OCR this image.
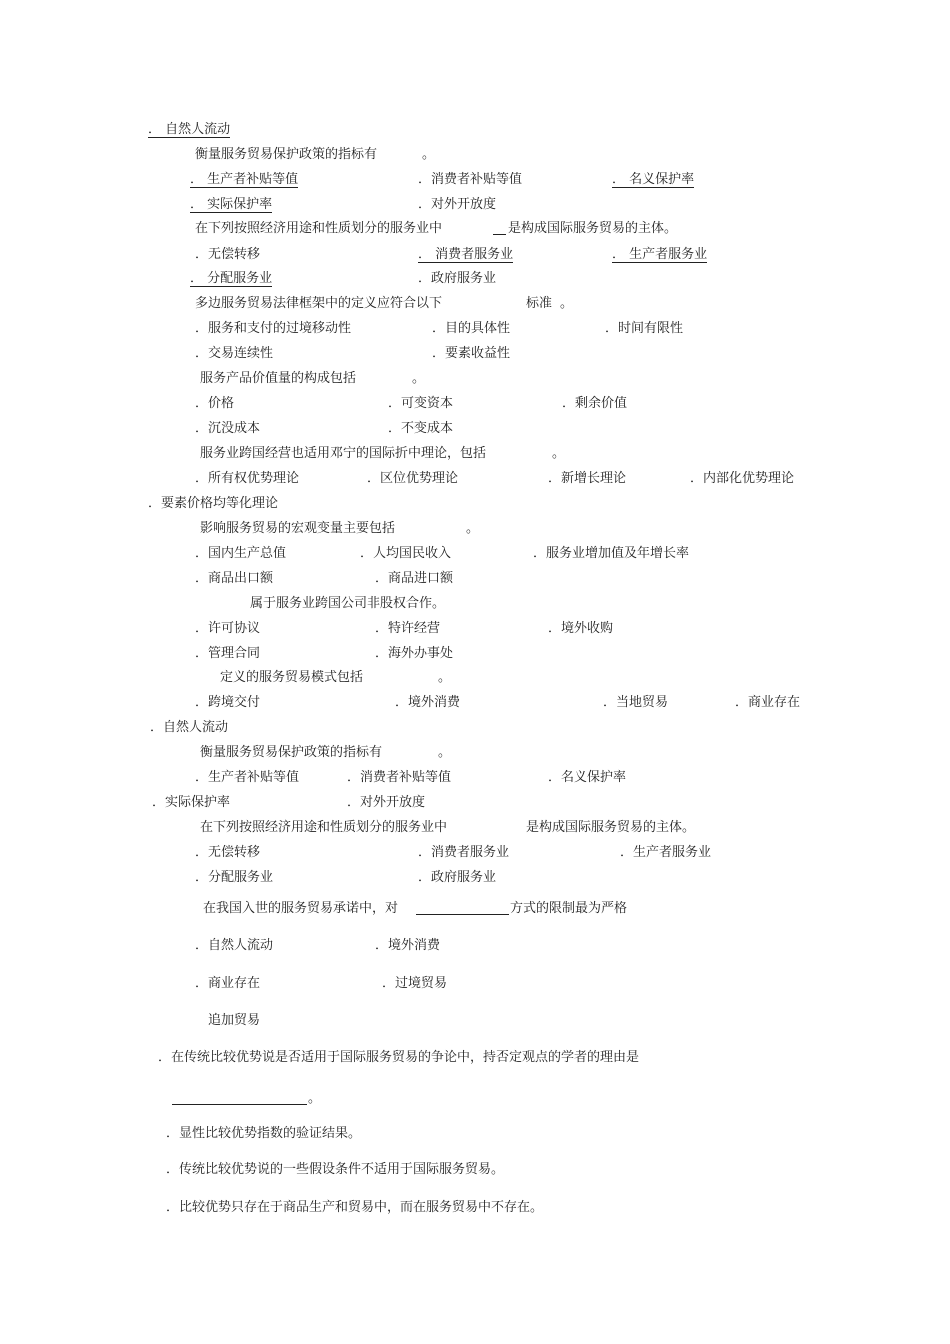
． 自然人流动
衡量服务贸易保护政策的指标有	。
． 生产者补贴等值	．消费者补贴等值	． 名义保护率
． 实际保护率	．对外开放度
在下列按照经济用途和性质划分的服务业中	是构成国际服务贸易的主体。
．无偿转移	． 消费者服务业	． 生产者服务业
． 分配服务业	．政府服务业
多边服务贸易法律框架中的定义应符合以下	标准 。
．服务和支付的过境移动性	．目的具体性	．时间有限性
．交易连续性	．要素收益性
服务产品价值量的构成包括	。
．价格	．可变资本	．剩余价值
．沉没成本	．不变成本
服务业跨国经营也适用邓宁的国际折中理论，包括	。
．所有权优势理论	．区位优势理论	．新增长理论	．内部化优势理论
．要素价格均等化理论
影响服务贸易的宏观变量主要包括	。
．国内生产总值	．人均国民收入	．服务业增加值及年增长率
．商品出口额	．商品进口额
属于服务业跨国公司非股权合作。
．许可协议	．特许经营	．境外收购
．管理合同	．海外办事处
定义的服务贸易模式包括	。
．跨境交付	．境外消费	．当地贸易	．商业存在
．自然人流动
衡量服务贸易保护政策的指标有	。
．生产者补贴等值	．消费者补贴等值	．名义保护率
．实际保护率	．对外开放度
在下列按照经济用途和性质划分的服务业中	是构成国际服务贸易的主体。
．无偿转移	．消费者服务业	．生产者服务业
．分配服务业	．政府服务业
在我国入世的服务贸易承诺中，对	方式的限制最为严格
．自然人流动	．境外消费
．商业存在	．过境贸易
追加贸易
．在传统比较优势说是否适用于国际服务贸易的争论中，持否定观点的学者的理由是
。
．显性比较优势指数的验证结果。
．传统比较优势说的一些假设条件不适用于国际服务贸易。
．比较优势只存在于商品生产和贸易中，而在服务贸易中不存在。
